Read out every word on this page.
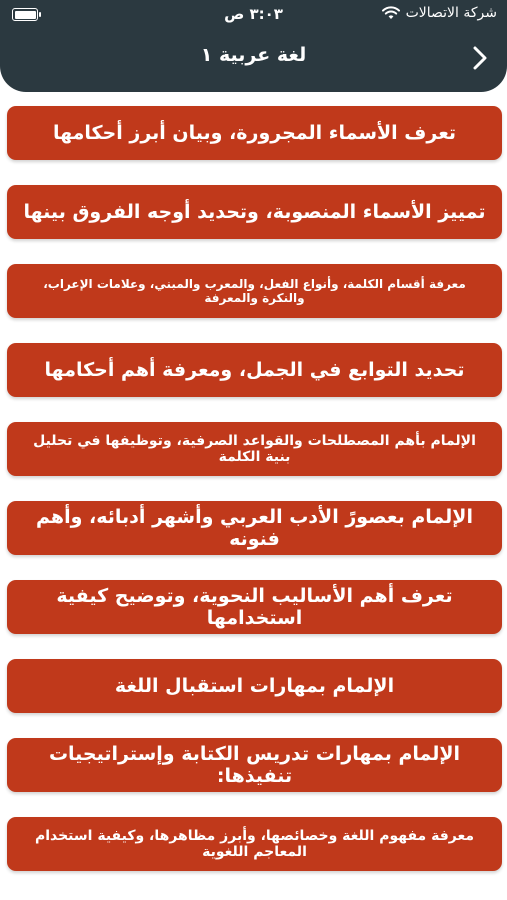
شركة الاتصالات
٣:٠٣ ص
لغة عربية ١
تعرف الأسماء المجرورة، وبيان أبرز أحكامها
تمييز الأسماء المنصوبة، وتحديد أوجه الفروق بينها
معرفة أقسام الكلمة، وأنواع الفعل، والمعرب والمبني، وعلامات الإعراب، والنكرة والمعرفة
تحديد التوابع في الجمل، ومعرفة أهم أحكامها
الإلمام بأهم المصطلحات والقواعد الصرفية، وتوظيفها في تحليل بنية الكلمة
الإلمام بعصورً الأدب العربي وأشهر أدبائه، وأهم فنونه
تعرف أهم الأساليب النحوية، وتوضيح كيفية استخدامها
الإلمام بمهارات استقبال اللغة
الإلمام بمهارات تدريس الكتابة وإستراتيجيات تنفيذها:
معرفة مفهوم اللغة وخصائصها، وأبرز مظاهرها، وكيفية استخدام المعاجم اللغوية
